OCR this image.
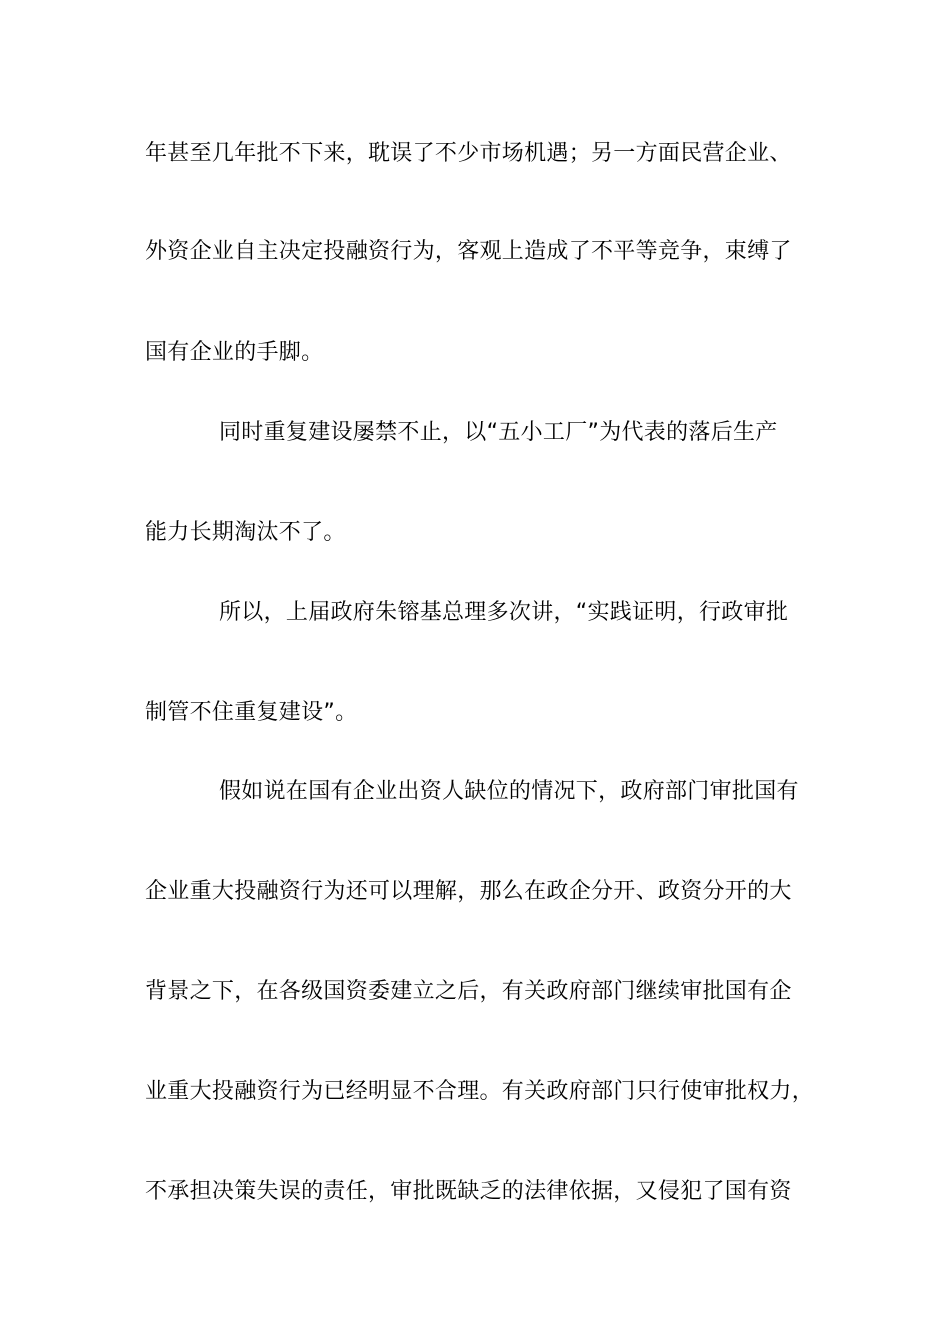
年甚至几年批不下来，耽误了不少市场机遇；另一方面民营企业、
外资企业自主决定投融资行为，客观上造成了不平等竞争，束缚了
国有企业的手脚。
同时重复建设屡禁不止，以“五小工厂”为代表的落后生产
能力长期淘汰不了。
所以，上届政府朱镕基总理多次讲，“实践证明，行政审批
制管不住重复建设”。
假如说在国有企业出资人缺位的情况下，政府部门审批国有
企业重大投融资行为还可以理解，那么在政企分开、政资分开的大
背景之下，在各级国资委建立之后，有关政府部门继续审批国有企
业重大投融资行为已经明显不合理。有关政府部门只行使审批权力，
不承担决策失误的责任，审批既缺乏的法律依据，又侵犯了国有资
